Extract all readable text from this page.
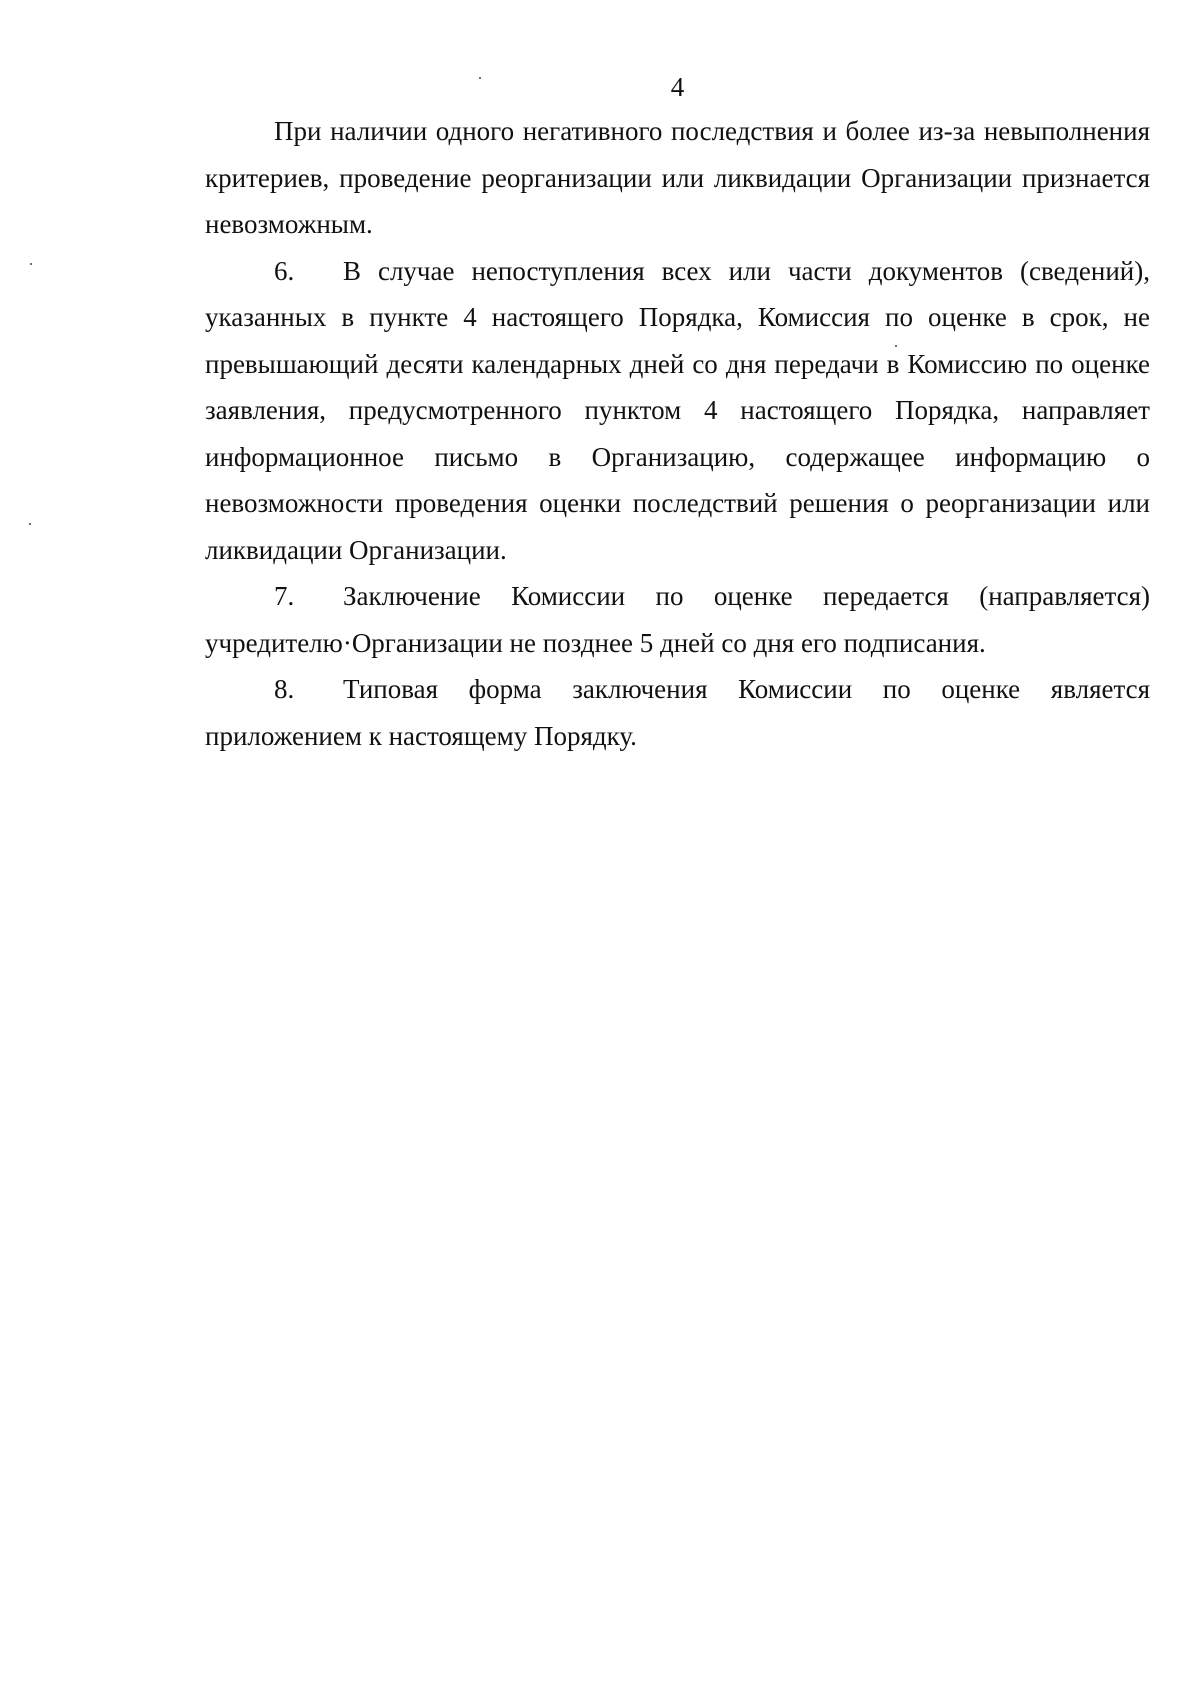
4

При наличии одного негативного последствия и более из-за невыполнения критериев, проведение реорганизации или ликвидации Организации признается невозможным.

6. В случае непоступления всех или части документов (сведений), указанных в пункте 4 настоящего Порядка, Комиссия по оценке в срок, не превышающий десяти календарных дней со дня передачи в Комиссию по оценке заявления, предусмотренного пунктом 4 настоящего Порядка, направляет информационное письмо в Организацию, содержащее информацию о невозможности проведения оценки последствий решения о реорганизации или ликвидации Организации.

7. Заключение Комиссии по оценке передается (направляется) учредителю·Организации не позднее 5 дней со дня его подписания.

8. Типовая форма заключения Комиссии по оценке является приложением к настоящему Порядку.
